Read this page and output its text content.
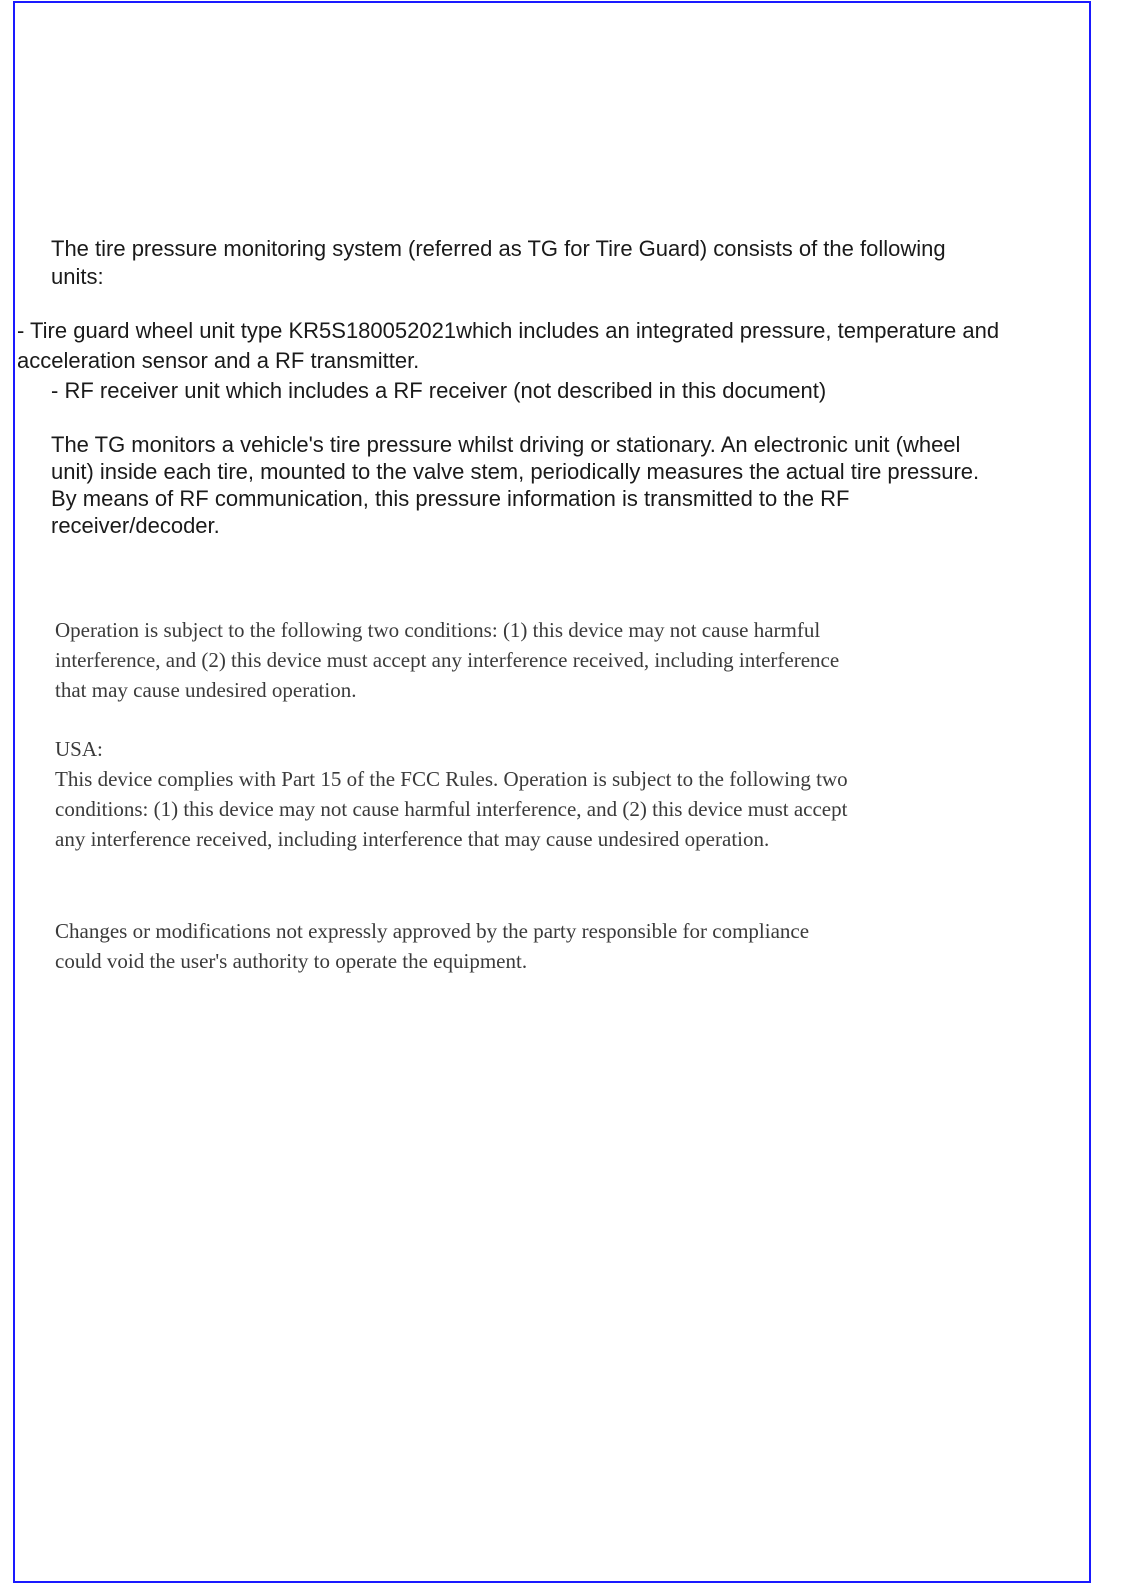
The tire pressure monitoring system (referred as TG for Tire Guard) consists of the following
units:
- Tire guard wheel unit type KR5S180052021which includes an integrated pressure, temperature and
acceleration sensor and a RF transmitter.
- RF receiver unit which includes a RF receiver (not described in this document)
The TG monitors a vehicle's tire pressure whilst driving or stationary. An electronic unit (wheel
unit) inside each tire, mounted to the valve stem, periodically measures the actual tire pressure.
By means of RF communication, this pressure information is transmitted to the RF
receiver/decoder.
Operation is subject to the following two conditions: (1) this device may not cause harmful
interference, and (2) this device must accept any interference received, including interference
that may cause undesired operation.
USA:
This device complies with Part 15 of the FCC Rules. Operation is subject to the following two
conditions: (1) this device may not cause harmful interference, and (2) this device must accept
any interference received, including interference that may cause undesired operation.
Changes or modifications not expressly approved by the party responsible for compliance
could void the user's authority to operate the equipment.
